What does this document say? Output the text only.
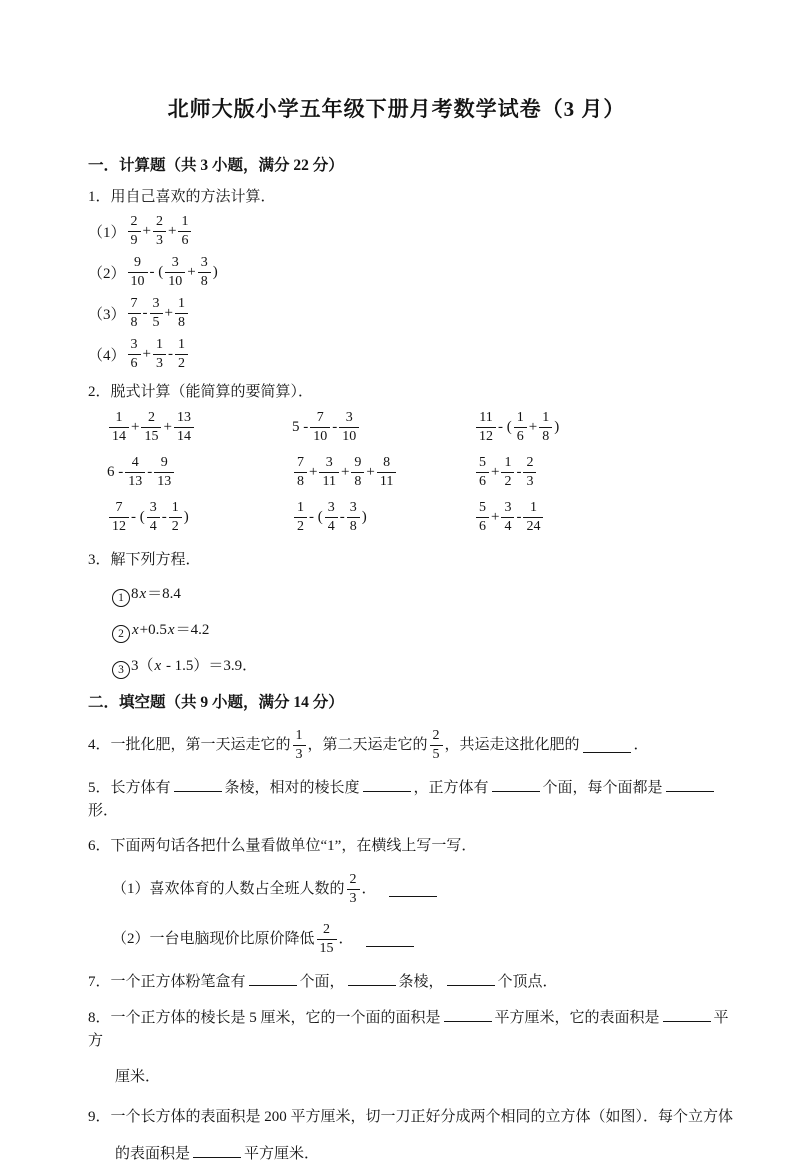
北师大版小学五年级下册月考数学试卷（3 月）
一．计算题（共 3 小题，满分 22 分）
1．用自己喜欢的方法计算．
$(1) \frac{2}{9} + \frac{2}{3} + \frac{1}{6}$
$(2) \frac{9}{10}$ - ( $\frac{3}{10} + \frac{3}{8}$ )
$(3) \frac{7}{8} - \frac{3}{5} + \frac{1}{8}$
$(4) \frac{3}{6} + \frac{1}{3} - \frac{1}{2}$
2．脱式计算（能简算的要简算）．
$\frac{1}{14} + \frac{2}{15} + \frac{13}{14}$	$5 - \frac{7}{10} - \frac{3}{10}$	$\frac{11}{12}$ - ( $\frac{1}{6} + \frac{1}{8}$ )
$6 - \frac{4}{13} - \frac{9}{13}$	$\frac{7}{8} + \frac{3}{11} + \frac{9}{8} + \frac{8}{11}$	$\frac{5}{6} + \frac{1}{2} - \frac{2}{3}$
$\frac{7}{12}$ - ( $\frac{3}{4} - \frac{1}{2}$ )	$\frac{1}{2}$ - ( $\frac{3}{4} - \frac{3}{8}$ )	$\frac{5}{6} + \frac{3}{4} - \frac{1}{24}$
3．解下列方程．
1 8x＝8.4
2 x+0.5x＝4.2
3 3（x - 1.5）＝3.9．
二．填空题（共 9 小题，满分 14 分）
4．一批化肥，第一天运走它的 $\frac{1}{3}$ ，第二天运走它的 $\frac{2}{5}$ ，共运走这批化肥的	．
5．长方体有	条棱，相对的棱长度	，正方体有	个面，每个面都是形．
6．下面两句话各把什么量看做单位“1”，在横线上写一写．
（1）喜欢体育的人数占全班人数的 $\frac{2}{3}$ ．
（2）一台电脑现价比原价降低 $\frac{2}{15}$ ．
7．一个正方体粉笔盒有	个面，	条棱，	个顶点．
8．一个正方体的棱长是 5 厘米，它的一个面的面积是	平方厘米，它的表面积是	平方
厘米．
9．一个长方体的表面积是 200 平方厘米，切一刀正好分成两个相同的立方体（如图）．每个立方体
的表面积是	平方厘米．
